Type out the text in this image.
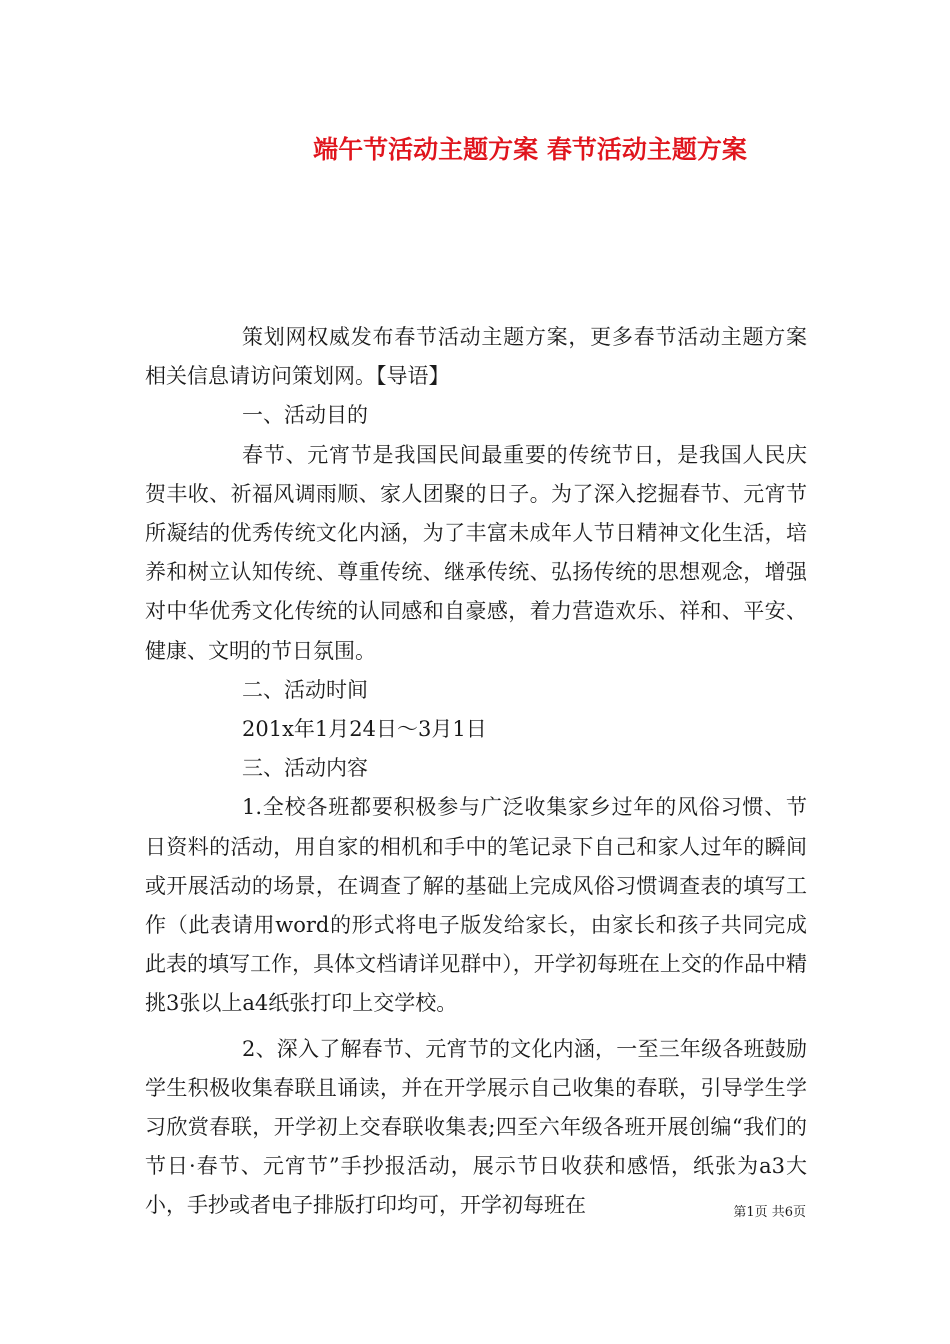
端午节活动主题方案 春节活动主题方案

策划网权威发布春节活动主题方案，更多春节活动主题方案相关信息请访问策划网。【导语】

一、活动目的

春节、元宵节是我国民间最重要的传统节日，是我国人民庆贺丰收、祈福风调雨顺、家人团聚的日子。为了深入挖掘春节、元宵节所凝结的优秀传统文化内涵，为了丰富未成年人节日精神文化生活，培养和树立认知传统、尊重传统、继承传统、弘扬传统的思想观念，增强对中华优秀文化传统的认同感和自豪感，着力营造欢乐、祥和、平安、健康、文明的节日氛围。

二、活动时间

201x年1月24日～3月1日

三、活动内容

1.全校各班都要积极参与广泛收集家乡过年的风俗习惯、节日资料的活动，用自家的相机和手中的笔记录下自己和家人过年的瞬间或开展活动的场景，在调查了解的基础上完成风俗习惯调查表的填写工作（此表请用word的形式将电子版发给家长，由家长和孩子共同完成此表的填写工作，具体文档请详见群中），开学初每班在上交的作品中精挑3张以上a4纸张打印上交学校。

2、深入了解春节、元宵节的文化内涵，一至三年级各班鼓励学生积极收集春联且诵读，并在开学展示自己收集的春联，引导学生学习欣赏春联，开学初上交春联收集表;四至六年级各班开展创编“我们的节日·春节、元宵节”手抄报活动，展示节日收获和感悟，纸张为a3大小，手抄或者电子排版打印均可，开学初每班在	第1页 共6页
